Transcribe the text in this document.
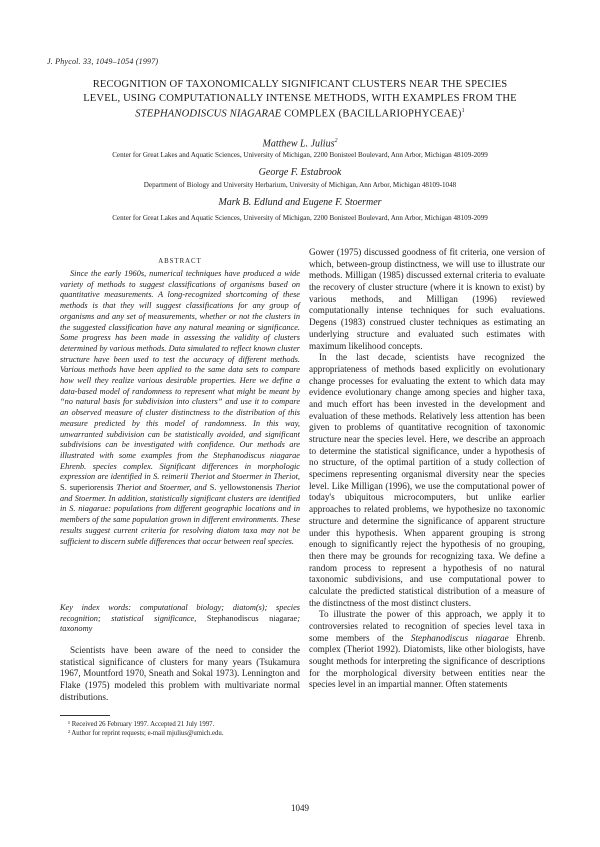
J. Phycol. 33, 1049–1054 (1997)
RECOGNITION OF TAXONOMICALLY SIGNIFICANT CLUSTERS NEAR THE SPECIES
LEVEL, USING COMPUTATIONALLY INTENSE METHODS, WITH EXAMPLES FROM THE
STEPHANODISCUS NIAGARAE COMPLEX (BACILLARIOPHYCEAE)$^1$
Matthew L. Julius$^2$
Center for Great Lakes and Aquatic Sciences, University of Michigan, 2200 Bonisteel Boulevard, Ann Arbor, Michigan 48109-2099
George F. Estabrook
Department of Biology and University Herbarium, University of Michigan, Ann Arbor, Michigan 48109-1048
Mark B. Edlund and Eugene F. Stoermer
Center for Great Lakes and Aquatic Sciences, University of Michigan, 2200 Bonisteel Boulevard, Ann Arbor, Michigan 48109-2099
ABSTRACT

Since the early 1960s, numerical techniques have produced a wide variety of methods to suggest classifications of organisms based on quantitative measurements. A long-recognized shortcoming of these methods is that they will suggest classifications for any group of organisms and any set of measurements, whether or not the clusters in the suggested classification have any natural meaning or significance. Some progress has been made in assessing the validity of clusters determined by various methods. Data simulated to reflect known cluster structure have been used to test the accuracy of different methods. Various methods have been applied to the same data sets to compare how well they realize various desirable properties. Here we define a data-based model of randomness to represent what might be meant by “no natural basis for subdivision into clusters” and use it to compare an observed measure of cluster distinctness to the distribution of this measure predicted by this model of randomness. In this way, unwarranted subdivision can be statistically avoided, and significant subdivisions can be investigated with confidence. Our methods are illustrated with some examples from the Stephanodiscus niagarae Ehrenb. species complex. Significant differences in morphologic expression are identified in S. reimerii Theriot and Stoermer in Theriot, S. superiorensis Theriot and Stoermer, and S. yellowstonensis Theriot and Stoermer. In addition, statistically significant clusters are identified in S. niagarae: populations from different geographic locations and in members of the same population grown in different environments. These results suggest current criteria for resolving diatom taxa may not be sufficient to discern subtle differences that occur between real species.

Key index words: computational biology; diatom(s); species recognition; statistical significance, Stephanodiscus niagarae; taxonomy

Scientists have been aware of the need to consider the statistical significance of clusters for many years (Tsukamura 1967, Mountford 1970, Sneath and Sokal 1973). Lennington and Flake (1975) modeled this problem with multivariate normal distributions.

¹ Received 26 February 1997. Accepted 21 July 1997.
² Author for reprint requests; e-mail mjulius@umich.edu.

Gower (1975) discussed goodness of fit criteria, one version of which, between-group distinctness, we will use to illustrate our methods. Milligan (1985) discussed external criteria to evaluate the recovery of cluster structure (where it is known to exist) by various methods, and Milligan (1996) reviewed computationally intense techniques for such evaluations. Degens (1983) construed cluster techniques as estimating an underlying structure and evaluated such estimates with maximum likelihood concepts.

In the last decade, scientists have recognized the appropriateness of methods based explicitly on evolutionary change processes for evaluating the extent to which data may evidence evolutionary change among species and higher taxa, and much effort has been invested in the development and evaluation of these methods. Relatively less attention has been given to problems of quantitative recognition of taxonomic structure near the species level. Here, we describe an approach to determine the statistical significance, under a hypothesis of no structure, of the optimal partition of a study collection of specimens representing organismal diversity near the species level. Like Milligan (1996), we use the computational power of today's ubiquitous microcomputers, but unlike earlier approaches to related problems, we hypothesize no taxonomic structure and determine the significance of apparent structure under this hypothesis. When apparent grouping is strong enough to significantly reject the hypothesis of no grouping, then there may be grounds for recognizing taxa. We define a random process to represent a hypothesis of no natural taxonomic subdivisions, and use computational power to calculate the predicted statistical distribution of a measure of the distinctness of the most distinct clusters.

To illustrate the power of this approach, we apply it to controversies related to recognition of species level taxa in some members of the Stephanodiscus niagarae Ehrenb. complex (Theriot 1992). Diatomists, like other biologists, have sought methods for interpreting the significance of descriptions for the morphological diversity between entities near the species level in an impartial manner. Often statements

1049
